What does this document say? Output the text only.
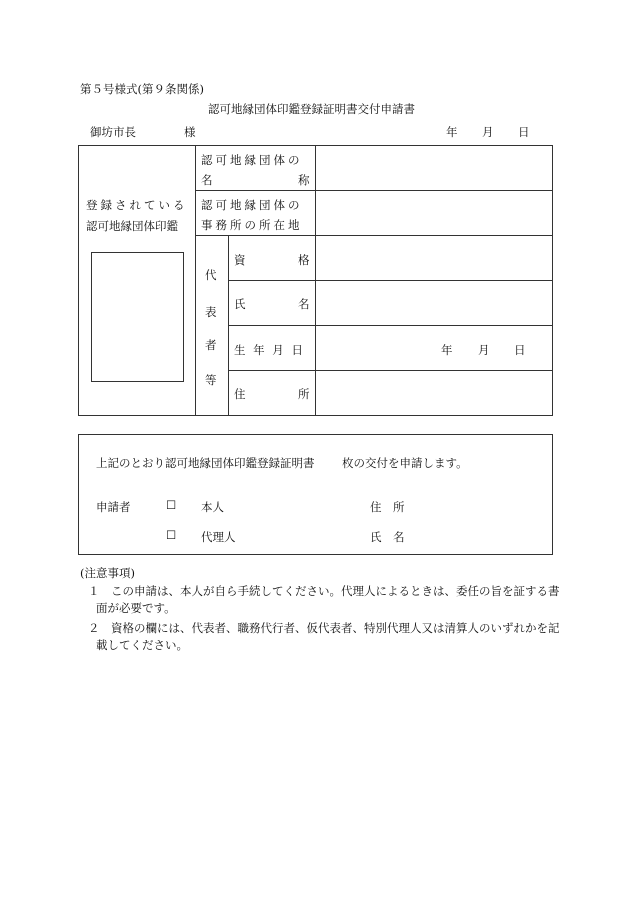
第５号様式(第９条関係)
認可地縁団体印鑑登録証明書交付申請書
御坊市長	様	年 月 日
登録されている
認可地縁団体印鑑
認可地縁団体の
名	称
認可地縁団体の
事務所の所在地
代
表
者
等
資	格
氏	名
生 年 月 日	年 月 日
住	所
上記のとおり認可地縁団体印鑑登録証明書 枚の交付を申請します。
申請者	☐ 本人	住　所
☐ 代理人	氏　名
(注意事項)
１　この申請は、本人が自ら手続してください。代理人によるときは、委任の旨を証する書面が必要です。
２　資格の欄には、代表者、職務代行者、仮代表者、特別代理人又は清算人のいずれかを記載してください。
